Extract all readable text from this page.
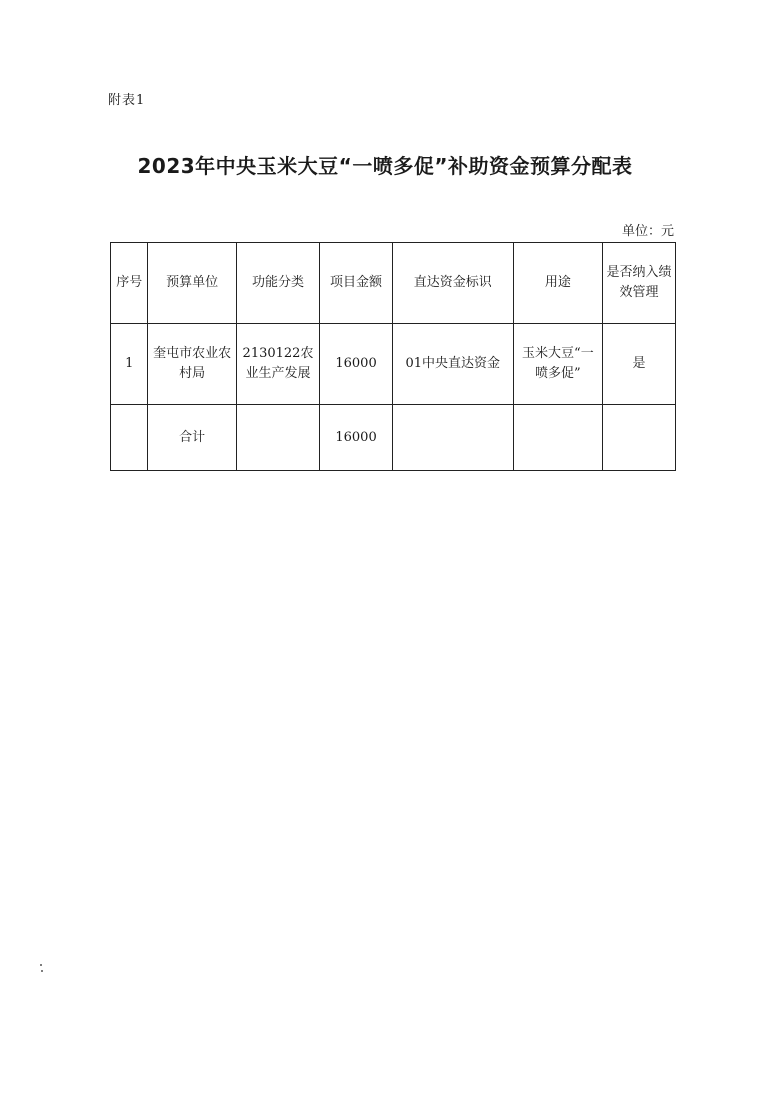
附表1
2023年中央玉米大豆“一喷多促”补助资金预算分配表
单位：元
序号	预算单位	功能分类	项目金额	直达资金标识	用途	是否纳入绩效管理
1	奎屯市农业农村局	2130122农业生产发展	16000	01中央直达资金	玉米大豆“一喷多促”	是
	合计		16000			
